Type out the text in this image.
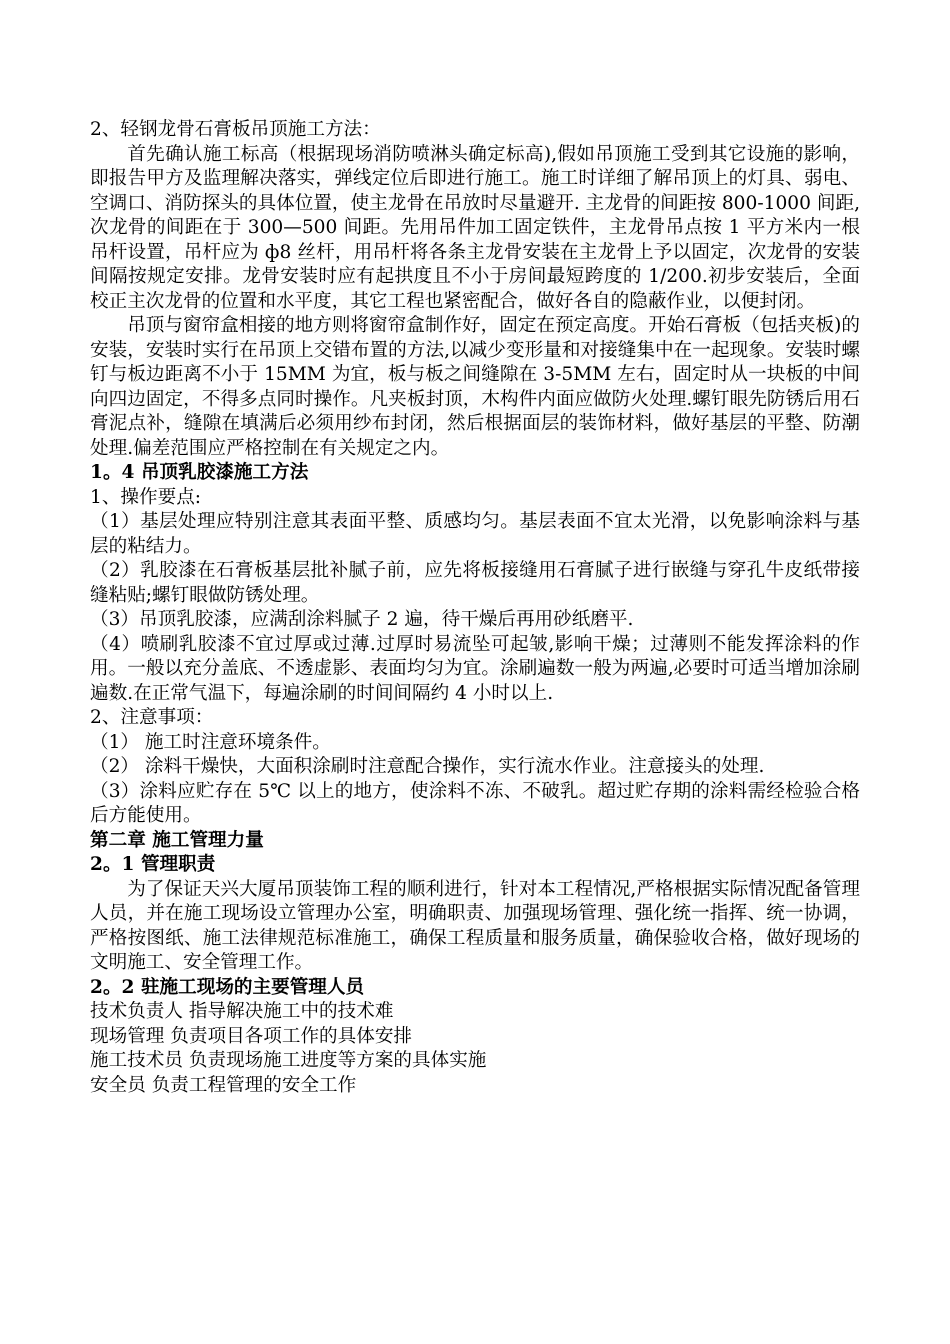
2、轻钢龙骨石膏板吊顶施工方法：

首先确认施工标高（根据现场消防喷淋头确定标高),假如吊顶施工受到其它设施的影响，即报告甲方及监理解决落实，弹线定位后即进行施工。施工时详细了解吊顶上的灯具、弱电、空调口、消防探头的具体位置，使主龙骨在吊放时尽量避开. 主龙骨的间距按 800-1000 间距,次龙骨的间距在于 300—500 间距。先用吊件加工固定铁件，主龙骨吊点按 1 平方米内一根吊杆设置，吊杆应为 ф8 丝杆，用吊杆将各条主龙骨安装在主龙骨上予以固定，次龙骨的安装间隔按规定安排。龙骨安装时应有起拱度且不小于房间最短跨度的 1/200.初步安装后，全面校正主次龙骨的位置和水平度，其它工程也紧密配合，做好各自的隐蔽作业，以便封闭。

吊顶与窗帘盒相接的地方则将窗帘盒制作好，固定在预定高度。开始石膏板（包括夹板)的安装，安装时实行在吊顶上交错布置的方法,以减少变形量和对接缝集中在一起现象。安装时螺钉与板边距离不小于 15MM 为宜，板与板之间缝隙在 3-5MM 左右，固定时从一块板的中间向四边固定，不得多点同时操作。凡夹板封顶，木构件内面应做防火处理.螺钉眼先防锈后用石膏泥点补，缝隙在填满后必须用纱布封闭，然后根据面层的装饰材料，做好基层的平整、防潮处理.偏差范围应严格控制在有关规定之内。

1。4 吊顶乳胶漆施工方法

1、操作要点:

（1）基层处理应特别注意其表面平整、质感均匀。基层表面不宜太光滑，以免影响涂料与基层的粘结力。

（2）乳胶漆在石膏板基层批补腻子前，应先将板接缝用石膏腻子进行嵌缝与穿孔牛皮纸带接缝粘贴;螺钉眼做防锈处理。

（3）吊顶乳胶漆，应满刮涂料腻子 2 遍，待干燥后再用砂纸磨平.

（4）喷刷乳胶漆不宜过厚或过薄.过厚时易流坠可起皱,影响干燥；过薄则不能发挥涂料的作用。一般以充分盖底、不透虚影、表面均匀为宜。涂刷遍数一般为两遍,必要时可适当增加涂刷遍数.在正常气温下，每遍涂刷的时间间隔约 4 小时以上.

2、注意事项：

（1） 施工时注意环境条件。

（2） 涂料干燥快，大面积涂刷时注意配合操作，实行流水作业。注意接头的处理.

（3）涂料应贮存在 5℃ 以上的地方，使涂料不冻、不破乳。超过贮存期的涂料需经检验合格后方能使用。

第二章 施工管理力量

2。1 管理职责

为了保证天兴大厦吊顶装饰工程的顺利进行，针对本工程情况,严格根据实际情况配备管理人员，并在施工现场设立管理办公室，明确职责、加强现场管理、强化统一指挥、统一协调，严格按图纸、施工法律规范标准施工，确保工程质量和服务质量，确保验收合格，做好现场的文明施工、安全管理工作。

2。2 驻施工现场的主要管理人员

技术负责人 指导解决施工中的技术难

现场管理 负责项目各项工作的具体安排

施工技术员 负责现场施工进度等方案的具体实施

安全员 负责工程管理的安全工作
